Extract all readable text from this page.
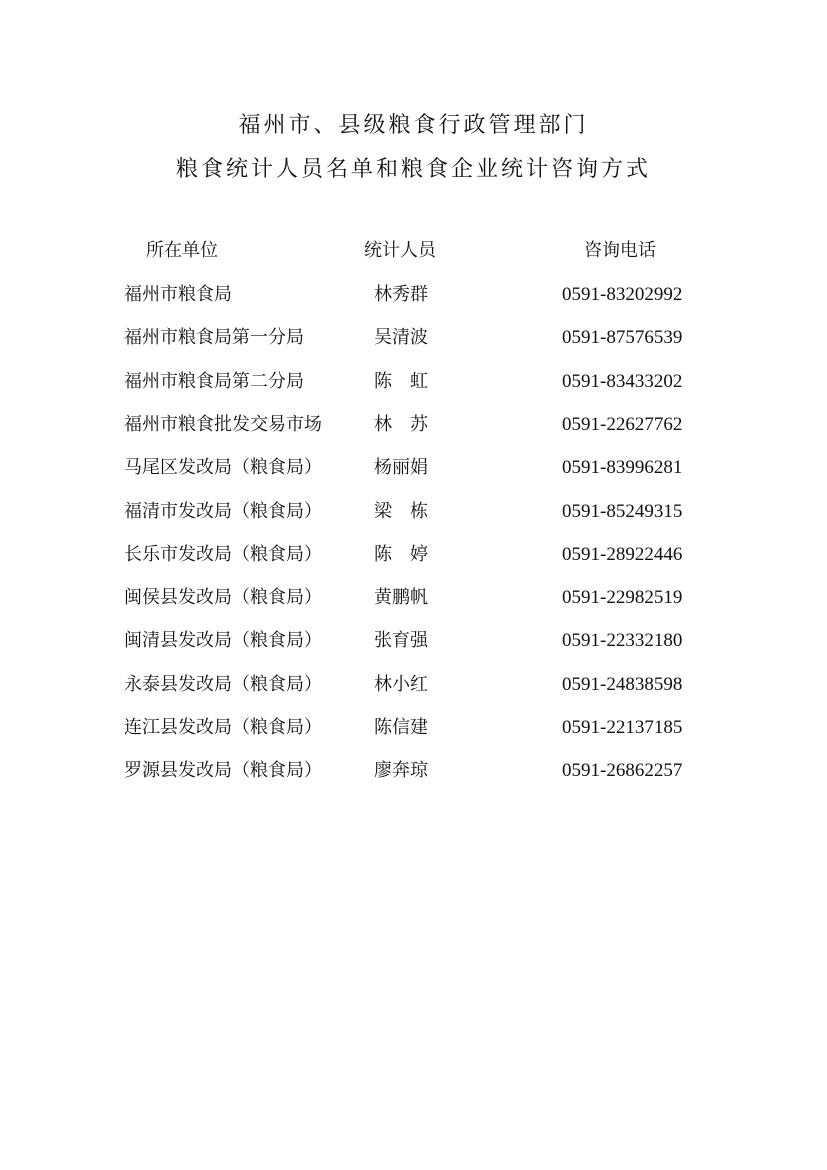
福州市、县级粮食行政管理部门
粮食统计人员名单和粮食企业统计咨询方式
所在单位	统计人员	咨询电话
福州市粮食局	林秀群	0591-83202992
福州市粮食局第一分局	吴清波	0591-87576539
福州市粮食局第二分局	陈虹	0591-83433202
福州市粮食批发交易市场	林苏	0591-22627762
马尾区发改局（粮食局）	杨丽娟	0591-83996281
福清市发改局（粮食局）	梁栋	0591-85249315
长乐市发改局（粮食局）	陈婷	0591-28922446
闽侯县发改局（粮食局）	黄鹏帆	0591-22982519
闽清县发改局（粮食局）	张育强	0591-22332180
永泰县发改局（粮食局）	林小红	0591-24838598
连江县发改局（粮食局）	陈信建	0591-22137185
罗源县发改局（粮食局）	廖奔琼	0591-26862257
